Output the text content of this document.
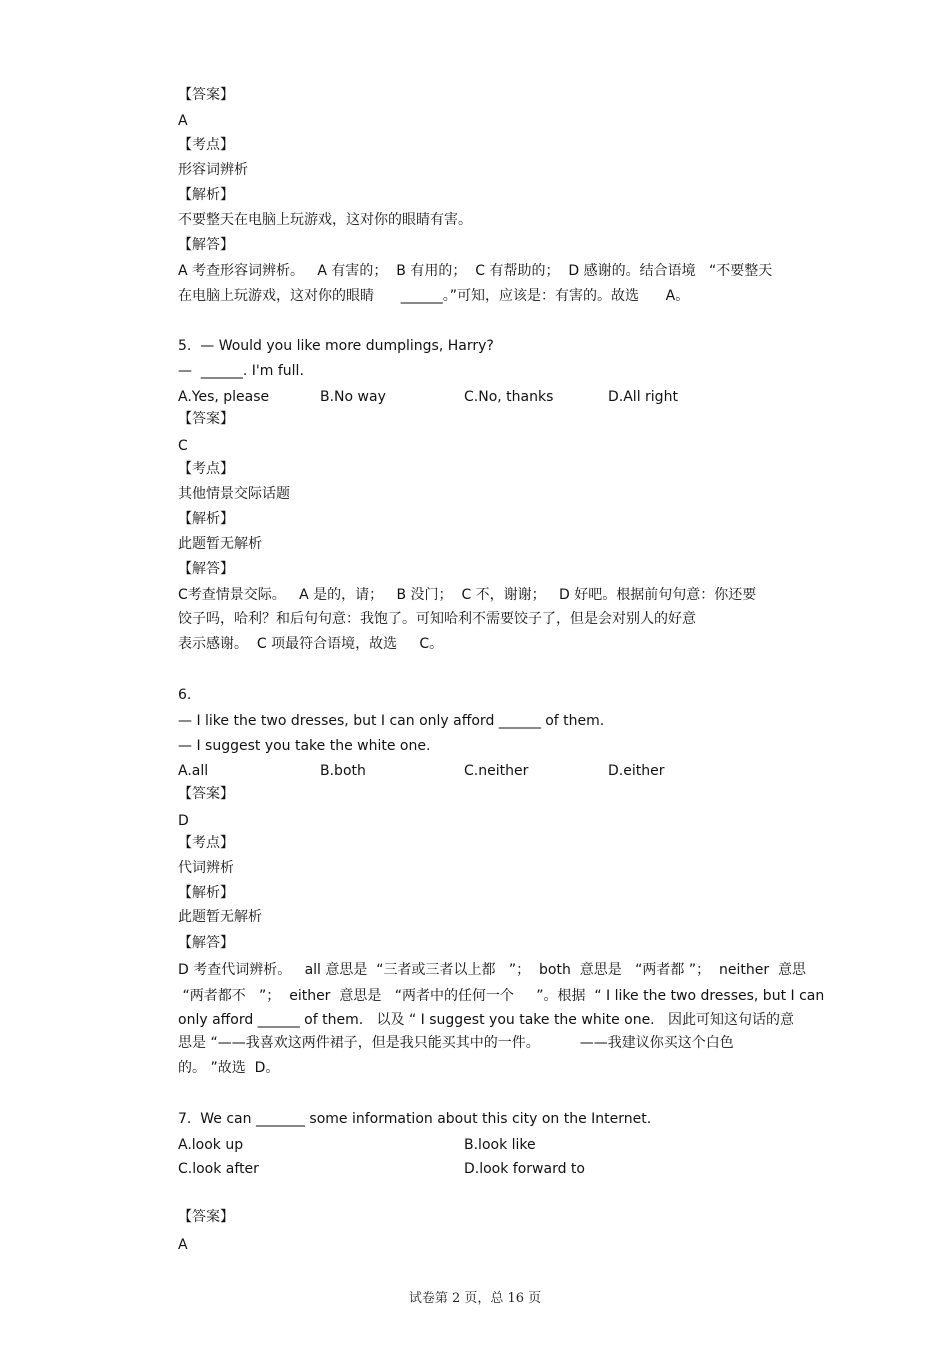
【答案】
A
【考点】
形容词辨析
【解析】
不要整天在电脑上玩游戏，这对你的眼睛有害。
【解答】
A 考查形容词辨析。   A 有害的；  B 有用的；  C 有帮助的；  D 感谢的。结合语境   “不要整天
在电脑上玩游戏，这对你的眼睛      ______。”可知，应该是：有害的。故选      A。
5.  — Would you like more dumplings, Harry?
—  ______. I'm full.
A.Yes, please	B.No way	C.No, thanks	D.All right
【答案】
C
【考点】
其他情景交际话题
【解析】
此题暂无解析
【解答】
C考查情景交际。   A 是的，请；   B 没门；  C 不，谢谢；   D 好吧。根据前句句意：你还要
饺子吗，哈利？和后句句意：我饱了。可知哈利不需要饺子了，但是会对别人的好意
表示感谢。  C 项最符合语境，故选     C。
6.
— I like the two dresses, but I can only afford ______ of them.
— I suggest you take the white one.
A.all	B.both	C.neither	D.either
【答案】
D
【考点】
代词辨析
【解析】
此题暂无解析
【解答】
D 考查代词辨析。   all 意思是  “三者或三者以上都   ”；  both  意思是   “两者都 ”；  neither  意思
“两者都不   ”；  either  意思是   “两者中的任何一个     ”。根据  “ I like the two dresses, but I can
only afford ______ of them.   以及 “ I suggest you take the white one.   因此可知这句话的意
思是 “——我喜欢这两件裙子，但是我只能买其中的一件。         ——我建议你买这个白色
的。 ”故选  D。
7.  We can _______ some information about this city on the Internet.
A.look up	B.look like
C.look after	D.look forward to
【答案】
A
试卷第 2 页，总 16 页
